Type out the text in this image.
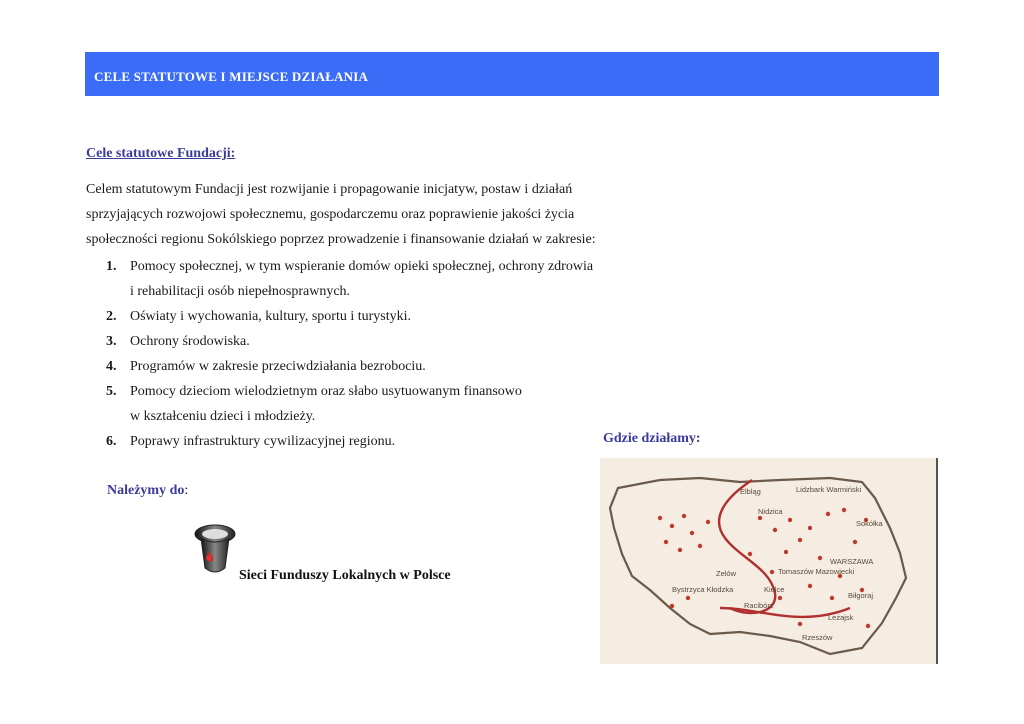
CELE STATUTOWE I MIEJSCE DZIAŁANIA
Cele statutowe Fundacji:
Celem statutowym Fundacji jest rozwijanie i propagowanie inicjatyw, postaw i działań
sprzyjających rozwojowi społecznemu, gospodarczemu oraz poprawienie jakości życia
społeczności regionu Sokólskiego poprzez prowadzenie i finansowanie działań w zakresie:
1. Pomocy społecznej, w tym wspieranie domów opieki społecznej, ochrony zdrowia
i rehabilitacji osób niepełnosprawnych.
2. Oświaty i wychowania, kultury, sportu i turystyki.
3. Ochrony środowiska.
4. Programów w zakresie przeciwdziałania bezrobociu.
5. Pomocy dzieciom wielodzietnym oraz słabo usytuowanym finansowo
w kształceniu dzieci i młodzieży.
6. Poprawy infrastruktury cywilizacyjnej regionu.	Gdzie działamy:
Należymy do:
Sieci Funduszy Lokalnych w Polsce
Elbląg	Lidzbark Warmiński
Nidzica
Sokółka
Tomaszów Mazowiecki
WARSZAWA
Zelów
Kielce
Biłgoraj
Bystrzyca Kłodzka
Racibórz
Leżajsk
Rzeszów
